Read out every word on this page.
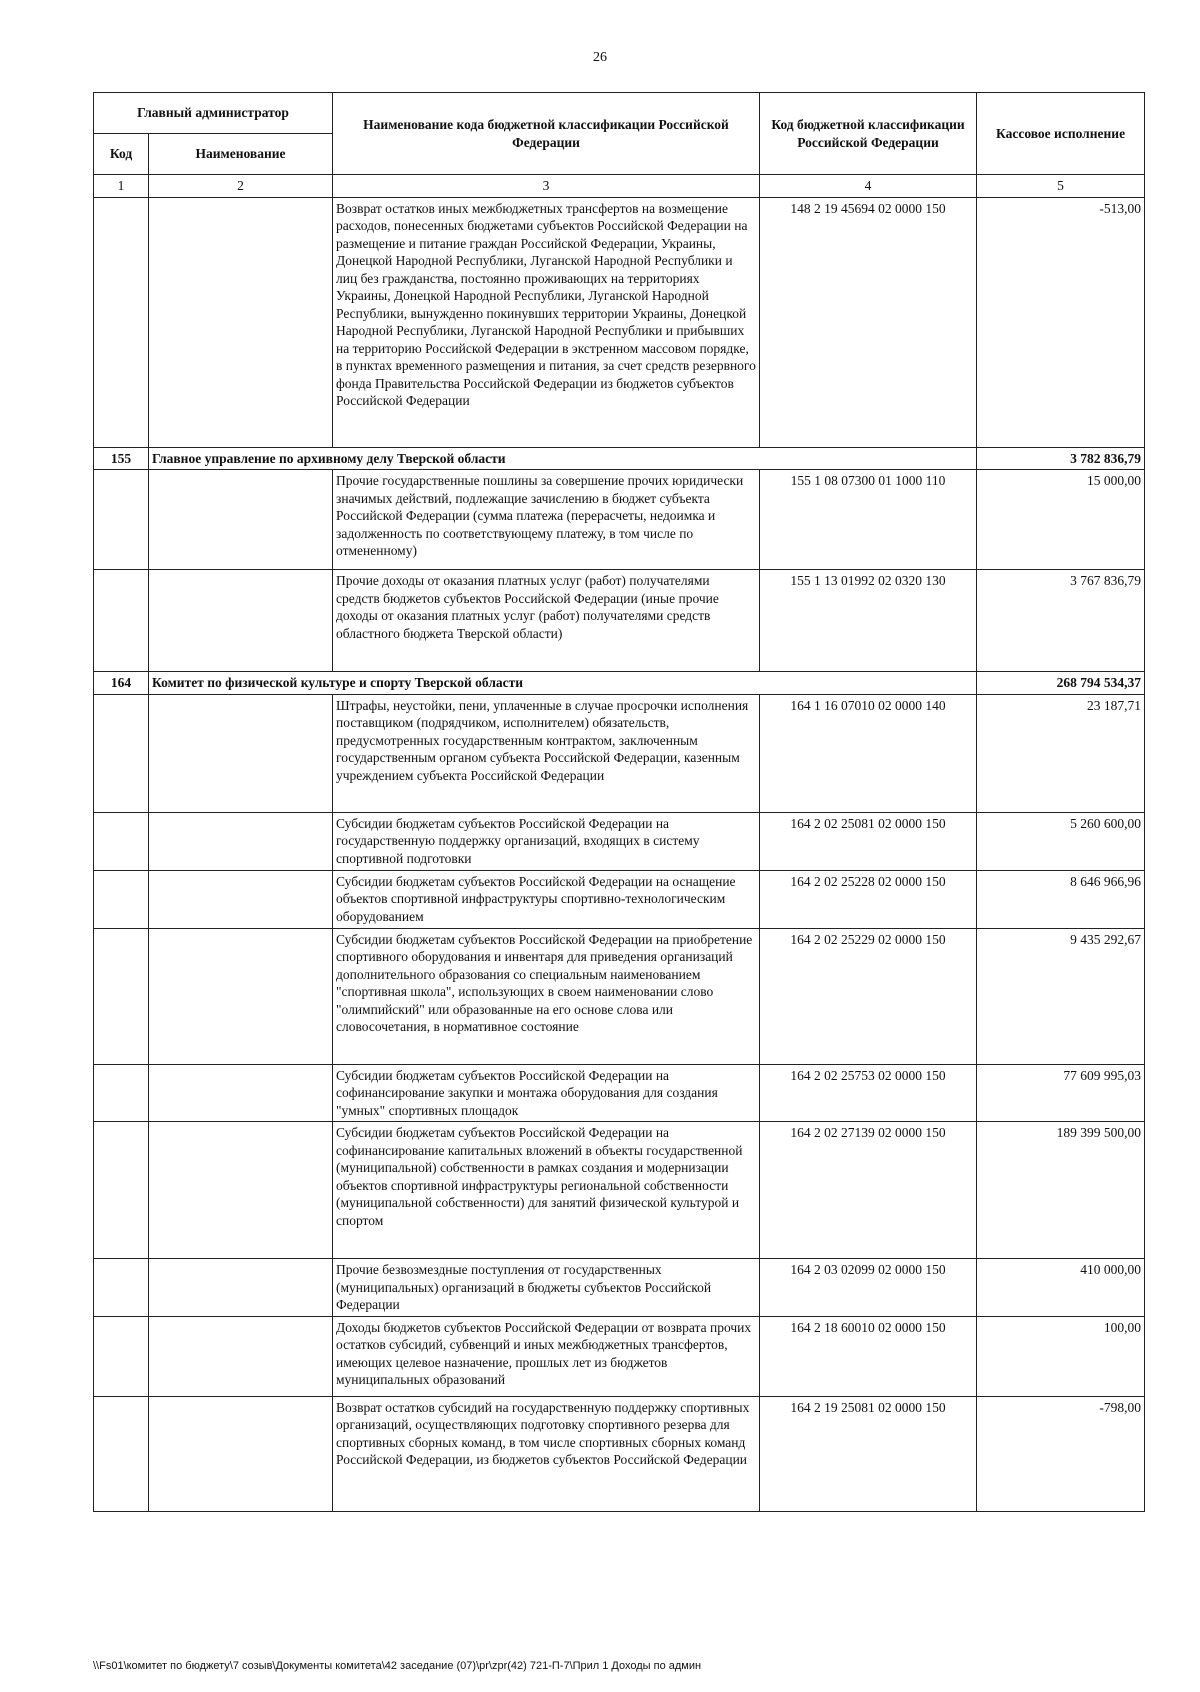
26
Главный администратор		Наименование кода бюджетной классификации Российской Федерации	Код бюджетной классификации Российской Федерации	Кассовое исполнение
Код	Наименование			
1	2	3	4	5
		Возврат остатков иных межбюджетных трансфертов на возмещение расходов, понесенных бюджетами субъектов Российской Федерации на размещение и питание граждан Российской Федерации, Украины, Донецкой Народной Республики, Луганской Народной Республики и лиц без гражданства, постоянно проживающих на территориях Украины, Донецкой Народной Республики, Луганской Народной Республики, вынужденно покинувших территории Украины, Донецкой Народной Республики, Луганской Народной Республики и прибывших на территорию Российской Федерации в экстренном массовом порядке, в пунктах временного размещения и питания, за счет средств резервного фонда Правительства Российской Федерации из бюджетов субъектов Российской Федерации	148 2 19 45694 02 0000 150	-513,00
155	Главное управление по архивному делу Тверской области			3 782 836,79
		Прочие государственные пошлины за совершение прочих юридически значимых действий, подлежащие зачислению в бюджет субъекта Российской Федерации (сумма платежа (перерасчеты, недоимка и задолженность по соответствующему платежу, в том числе по отмененному)	155 1 08 07300 01 1000 110	15 000,00
		Прочие доходы от оказания платных услуг (работ) получателями средств бюджетов субъектов Российской Федерации (иные прочие доходы от оказания платных услуг (работ) получателями средств областного бюджета Тверской области)	155 1 13 01992 02 0320 130	3 767 836,79
164	Комитет по физической культуре и спорту Тверской области			268 794 534,37
		Штрафы, неустойки, пени, уплаченные в случае просрочки исполнения поставщиком (подрядчиком, исполнителем) обязательств, предусмотренных государственным контрактом, заключенным государственным органом субъекта Российской Федерации, казенным учреждением субъекта Российской Федерации	164 1 16 07010 02 0000 140	23 187,71
		Субсидии бюджетам субъектов Российской Федерации на государственную поддержку организаций, входящих в систему спортивной подготовки	164 2 02 25081 02 0000 150	5 260 600,00
		Субсидии бюджетам субъектов Российской Федерации на оснащение объектов спортивной инфраструктуры спортивно-технологическим оборудованием	164 2 02 25228 02 0000 150	8 646 966,96
		Субсидии бюджетам субъектов Российской Федерации на приобретение спортивного оборудования и инвентаря для приведения организаций дополнительного образования со специальным наименованием "спортивная школа", использующих в своем наименовании слово "олимпийский" или образованные на его основе слова или словосочетания, в нормативное состояние	164 2 02 25229 02 0000 150	9 435 292,67
		Субсидии бюджетам субъектов Российской Федерации на софинансирование закупки и монтажа оборудования для создания "умных" спортивных площадок	164 2 02 25753 02 0000 150	77 609 995,03
		Субсидии бюджетам субъектов Российской Федерации на софинансирование капитальных вложений в объекты государственной (муниципальной) собственности в рамках создания и модернизации объектов спортивной инфраструктуры региональной собственности (муниципальной собственности) для занятий физической культурой и спортом	164 2 02 27139 02 0000 150	189 399 500,00
		Прочие безвозмездные поступления от государственных (муниципальных) организаций в бюджеты субъектов Российской Федерации	164 2 03 02099 02 0000 150	410 000,00
		Доходы бюджетов субъектов Российской Федерации от возврата прочих остатков субсидий, субвенций и иных межбюджетных трансфертов, имеющих целевое назначение, прошлых лет из бюджетов муниципальных образований	164 2 18 60010 02 0000 150	100,00
		Возврат остатков субсидий на государственную поддержку спортивных организаций, осуществляющих подготовку спортивного резерва для спортивных сборных команд, в том числе спортивных сборных команд Российской Федерации, из бюджетов субъектов Российской Федерации	164 2 19 25081 02 0000 150	-798,00
\\Fs01\комитет по бюджету\7 созыв\Документы комитета\42 заседание (07)\pr\zpr(42) 721-П-7\Прил 1 Доходы по админ
